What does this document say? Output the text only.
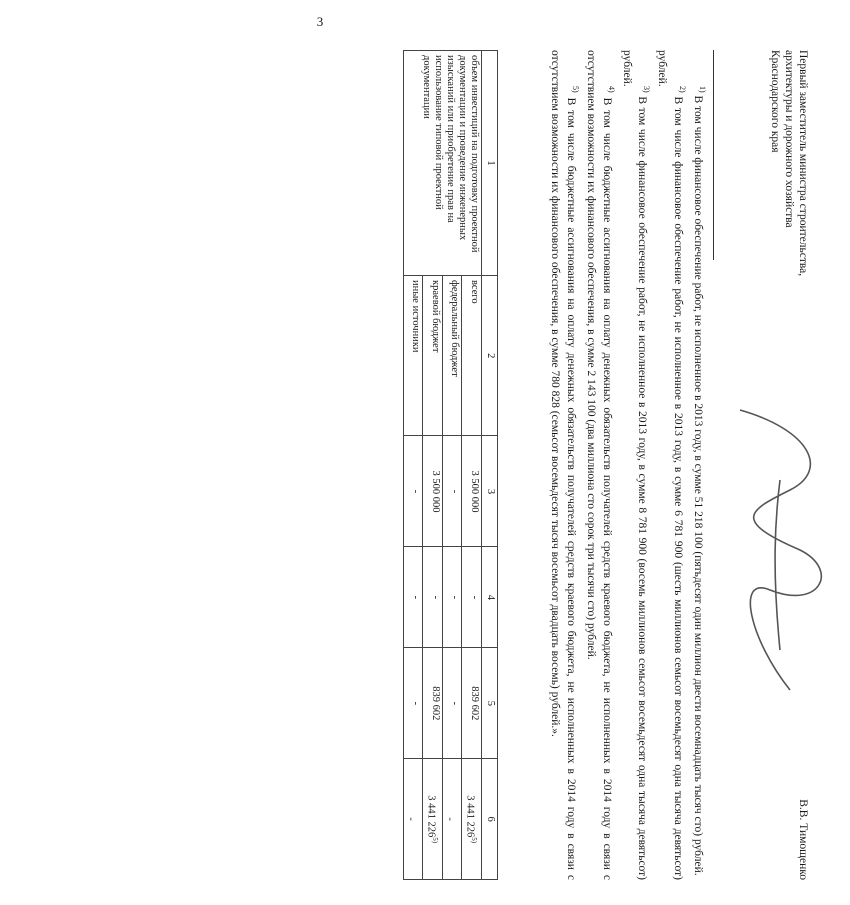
3
Первый заместитель министра строительства,
архитектуры и дорожного хозяйства
Краснодарского края
В.В. Тимощенко

$^{1)}$ В том числе финансовое обеспечение работ, не исполненное в 2013 году, в сумме 51 218 100 (пятьдесят один миллион двести восемнадцать тысяч сто) рублей.

$^{2)}$ В том числе финансовое обеспечение работ, не исполненное в 2013 году, в сумме 6 781 900 (шесть миллионов семьсот восемьдесят одна тысяча девятьсот) рублей.

$^{3)}$ В том числе финансовое обеспечение работ, не исполненное в 2013 году, в сумме 8 781 900 (восемь миллионов семьсот восемьдесят одна тысяча девятьсот) рублей.

$^{4)}$ В том числе бюджетные ассигнования на оплату денежных обязательств получателей средств краевого бюджета, не исполненных в 2014 году в связи с отсутствием возможности их финансового обеспечения, в сумме 2 143 100 (два миллиона сто сорок три тысячи сто) рублей.

$^{5)}$ В том числе бюджетные ассигнования на оплату денежных обязательств получателей средств краевого бюджета, не исполненных в 2014 году в связи с отсутствием возможности их финансового обеспечения, в сумме 780 828 (семьсот восемьдесят тысяч восемьсот двадцать восемь) рублей.».

1	2	3	4	5	6
объем инвестиций на подготовку проектной документации и проведение инженерных изысканий или приобретение прав на использование типовой проектной документации	всего	3 500 000	-	839 602	3 441 226$^{5)}$
	федеральный бюджет	-	-	-	-
	краевой бюджет	3 500 000	-	839 602	3 441 226$^{5)}$
	иные источники	-	-	-	-
